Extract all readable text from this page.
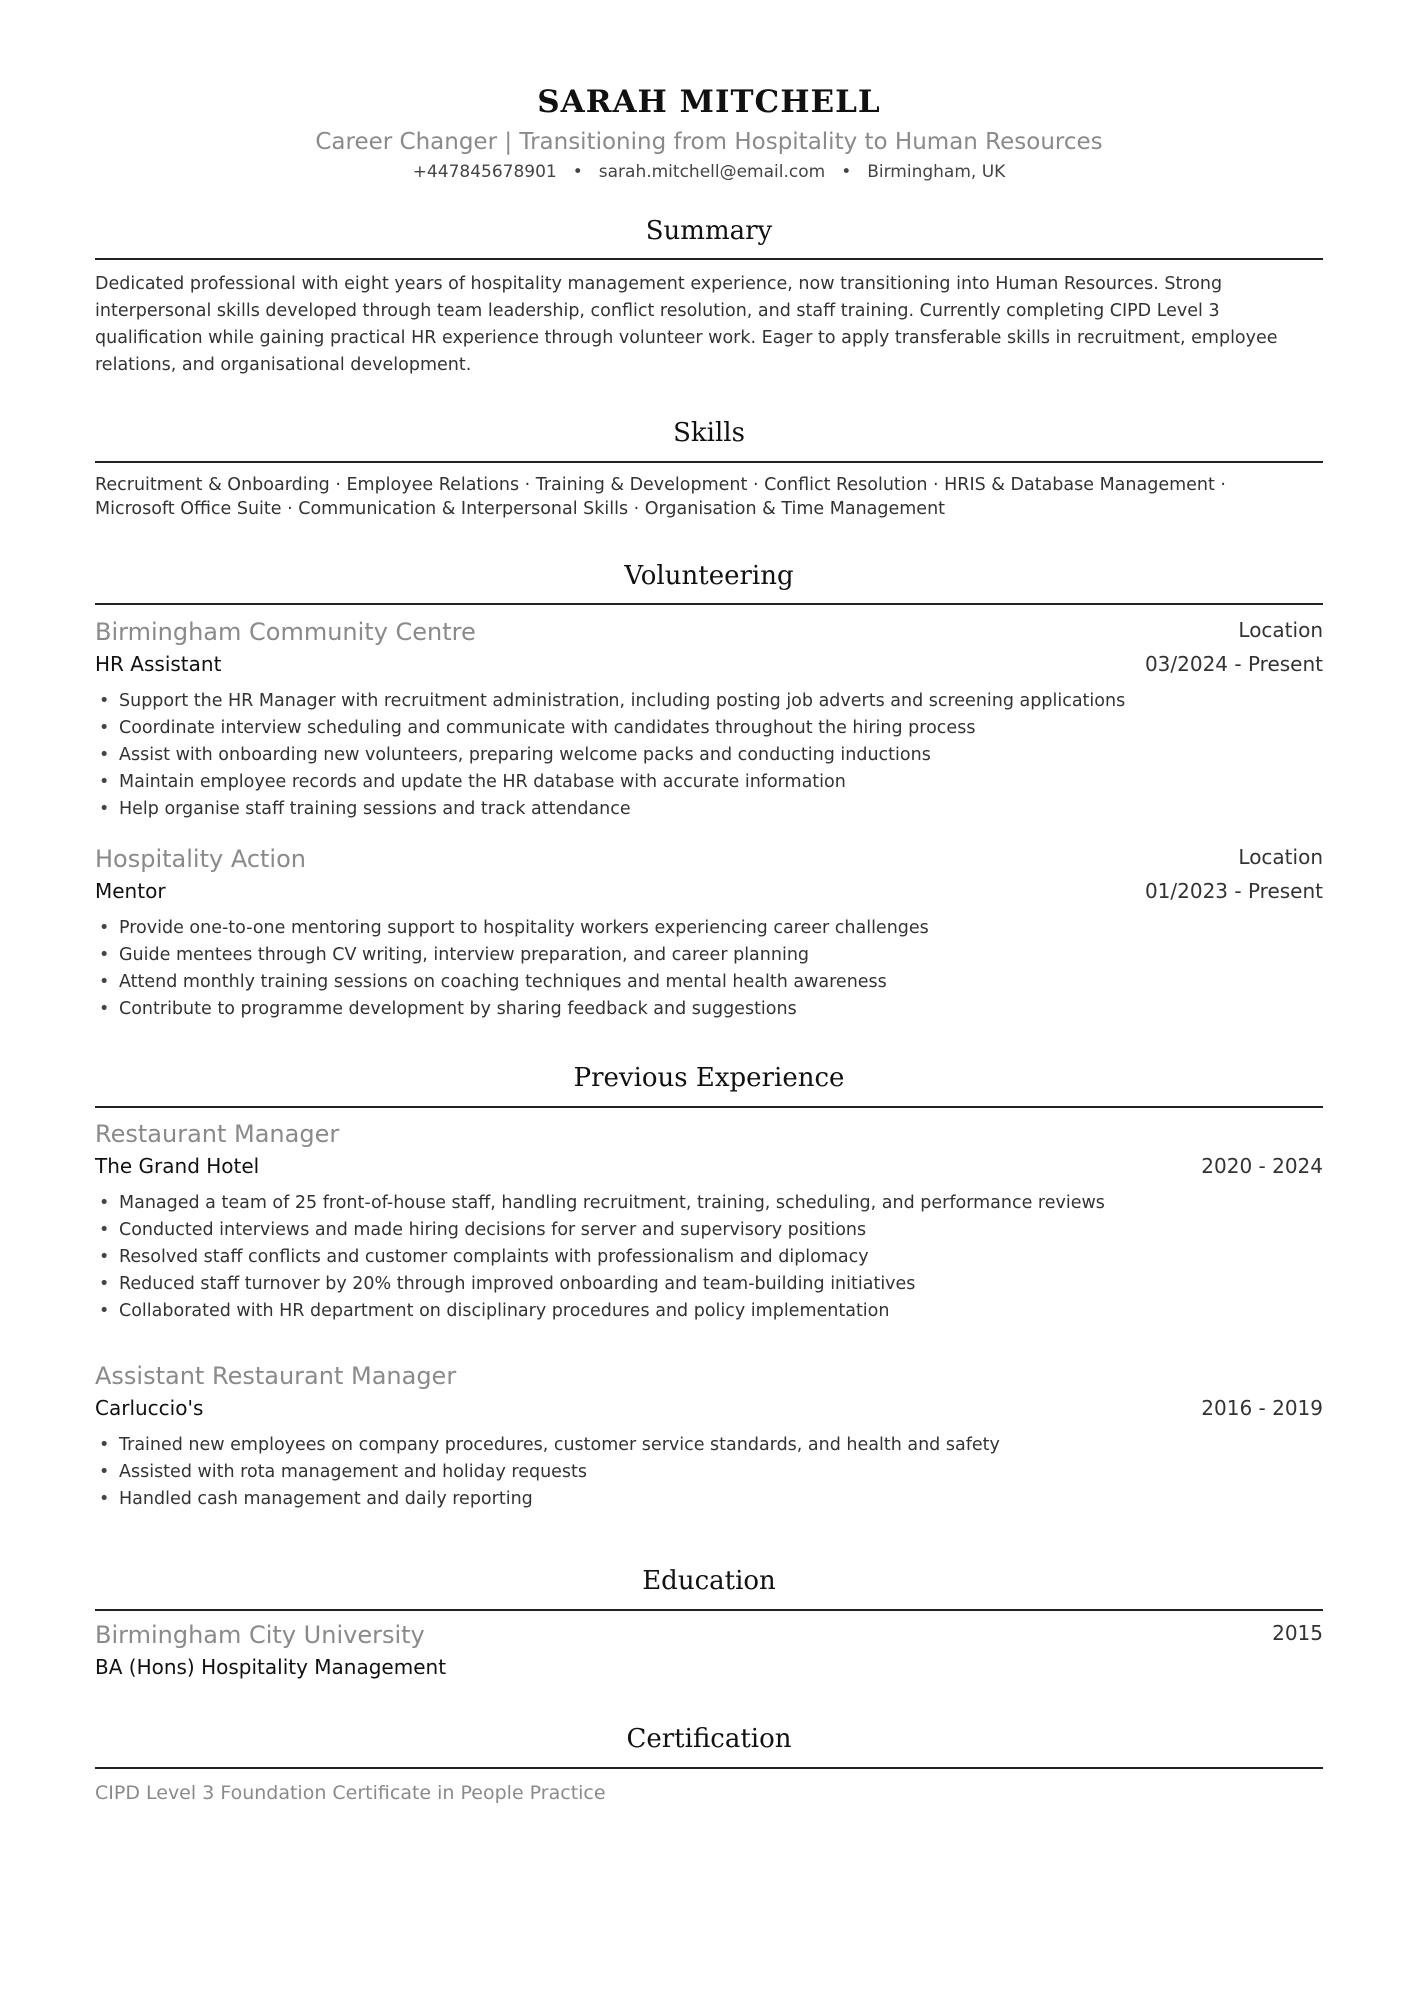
SARAH MITCHELL
Career Changer | Transitioning from Hospitality to Human Resources
+447845678901 • sarah.mitchell@email.com • Birmingham, UK
Summary
Dedicated professional with eight years of hospitality management experience, now transitioning into Human Resources. Strong interpersonal skills developed through team leadership, conflict resolution, and staff training. Currently completing CIPD Level 3 qualification while gaining practical HR experience through volunteer work. Eager to apply transferable skills in recruitment, employee relations, and organisational development.
Skills
Recruitment & Onboarding · Employee Relations · Training & Development · Conflict Resolution · HRIS & Database Management ·
Microsoft Office Suite · Communication & Interpersonal Skills · Organisation & Time Management
Volunteering
Birmingham Community Centre	Location
HR Assistant	03/2024 - Present
• Support the HR Manager with recruitment administration, including posting job adverts and screening applications
• Coordinate interview scheduling and communicate with candidates throughout the hiring process
• Assist with onboarding new volunteers, preparing welcome packs and conducting inductions
• Maintain employee records and update the HR database with accurate information
• Help organise staff training sessions and track attendance
Hospitality Action	Location
Mentor	01/2023 - Present
• Provide one-to-one mentoring support to hospitality workers experiencing career challenges
• Guide mentees through CV writing, interview preparation, and career planning
• Attend monthly training sessions on coaching techniques and mental health awareness
• Contribute to programme development by sharing feedback and suggestions
Previous Experience
Restaurant Manager
The Grand Hotel	2020 - 2024
• Managed a team of 25 front-of-house staff, handling recruitment, training, scheduling, and performance reviews
• Conducted interviews and made hiring decisions for server and supervisory positions
• Resolved staff conflicts and customer complaints with professionalism and diplomacy
• Reduced staff turnover by 20% through improved onboarding and team-building initiatives
• Collaborated with HR department on disciplinary procedures and policy implementation
Assistant Restaurant Manager
Carluccio's	2016 - 2019
• Trained new employees on company procedures, customer service standards, and health and safety
• Assisted with rota management and holiday requests
• Handled cash management and daily reporting
Education
Birmingham City University	2015
BA (Hons) Hospitality Management
Certification
CIPD Level 3 Foundation Certificate in People Practice
